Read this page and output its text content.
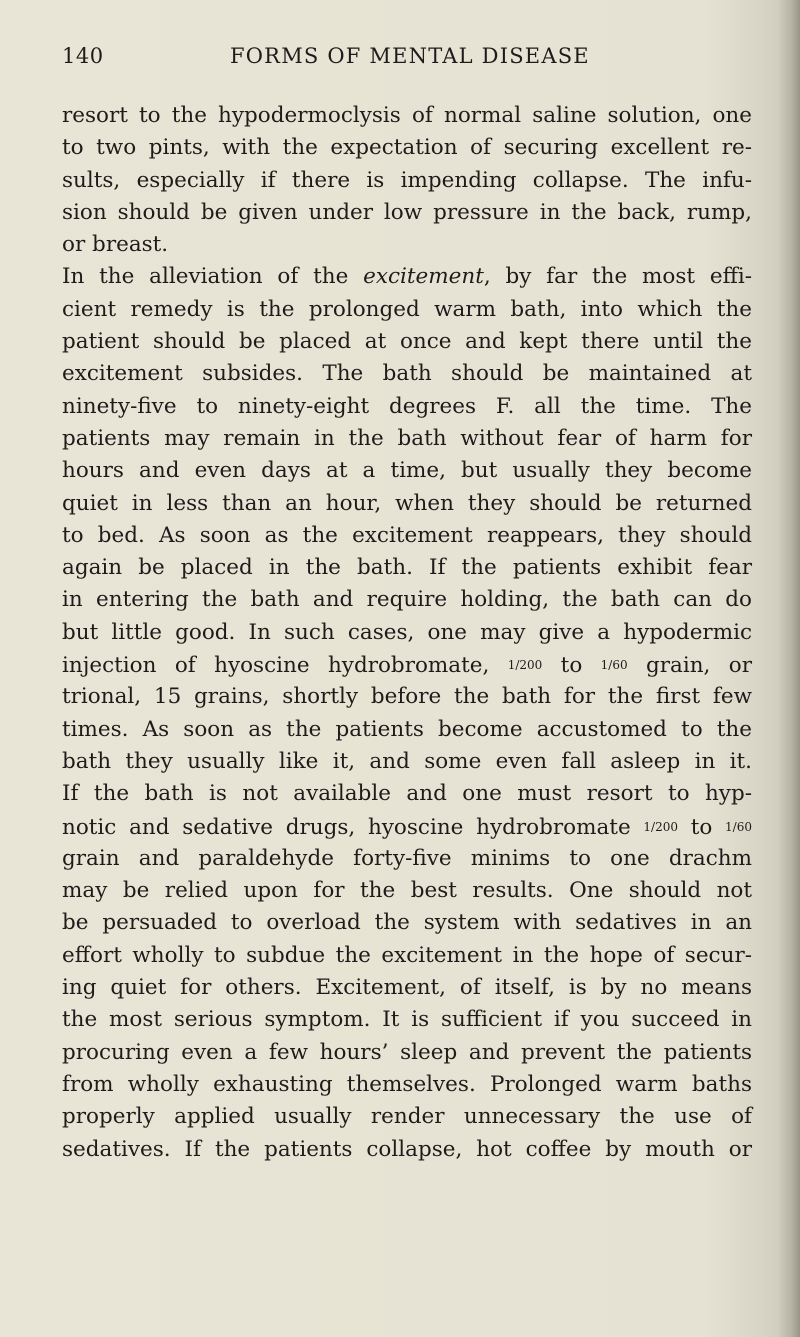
140	FORMS OF MENTAL DISEASE
resort to the hypodermoclysis of normal saline solution, one
to two pints, with the expectation of securing excellent re-
sults, especially if there is impending collapse. The infu-
sion should be given under low pressure in the back, rump,
or breast.
In the alleviation of the excitement, by far the most effi-
cient remedy is the prolonged warm bath, into which the
patient should be placed at once and kept there until the
excitement subsides. The bath should be maintained at
ninety-five to ninety-eight degrees F. all the time. The
patients may remain in the bath without fear of harm for
hours and even days at a time, but usually they become
quiet in less than an hour, when they should be returned
to bed. As soon as the excitement reappears, they should
again be placed in the bath. If the patients exhibit fear
in entering the bath and require holding, the bath can do
but little good. In such cases, one may give a hypodermic
injection of hyoscine hydrobromate, 1/200 to 1/60 grain, or
trional, 15 grains, shortly before the bath for the first few
times. As soon as the patients become accustomed to the
bath they usually like it, and some even fall asleep in it.
If the bath is not available and one must resort to hyp-
notic and sedative drugs, hyoscine hydrobromate 1/200 to 1/60
grain and paraldehyde forty-five minims to one drachm
may be relied upon for the best results. One should not
be persuaded to overload the system with sedatives in an
effort wholly to subdue the excitement in the hope of secur-
ing quiet for others. Excitement, of itself, is by no means
the most serious symptom. It is sufficient if you succeed in
procuring even a few hours’ sleep and prevent the patients
from wholly exhausting themselves. Prolonged warm baths
properly applied usually render unnecessary the use of
sedatives. If the patients collapse, hot coffee by mouth or
